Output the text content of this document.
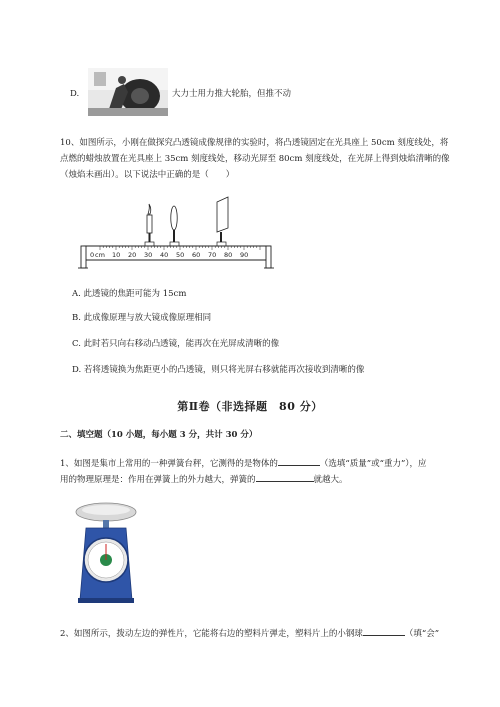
D.	大力士用力推大轮胎，但推不动
10、如图所示，小刚在做探究凸透镜成像规律的实验时，将凸透镜固定在光具座上 50cm 刻度线处，将
点燃的蜡烛放置在光具座上 35cm 刻度线处，移动光屏至 80cm 刻度线处，在光屏上得到烛焰清晰的像
（烛焰未画出）。以下说法中正确的是（　　）
0 cm 10 20 30 40 50 60 70 80 90
A. 此透镜的焦距可能为 15cm
B. 此成像原理与放大镜成像原理相同
C. 此时若只向右移动凸透镜，能再次在光屏成清晰的像
D. 若将透镜换为焦距更小的凸透镜，则只将光屏右移就能再次接收到清晰的像
第Ⅱ卷（非选择题　80 分）
二、填空题（10 小题，每小题 3 分，共计 30 分）
1、如图是集市上常用的一种弹簧台秤，它测得的是物体的	（选填“质量”或“重力”），应
用的物理原理是：作用在弹簧上的外力越大，弹簧的	就越大。
2、如图所示，拨动左边的弹性片，它能将右边的塑料片弹走，塑料片上的小钢球	（填“会”
